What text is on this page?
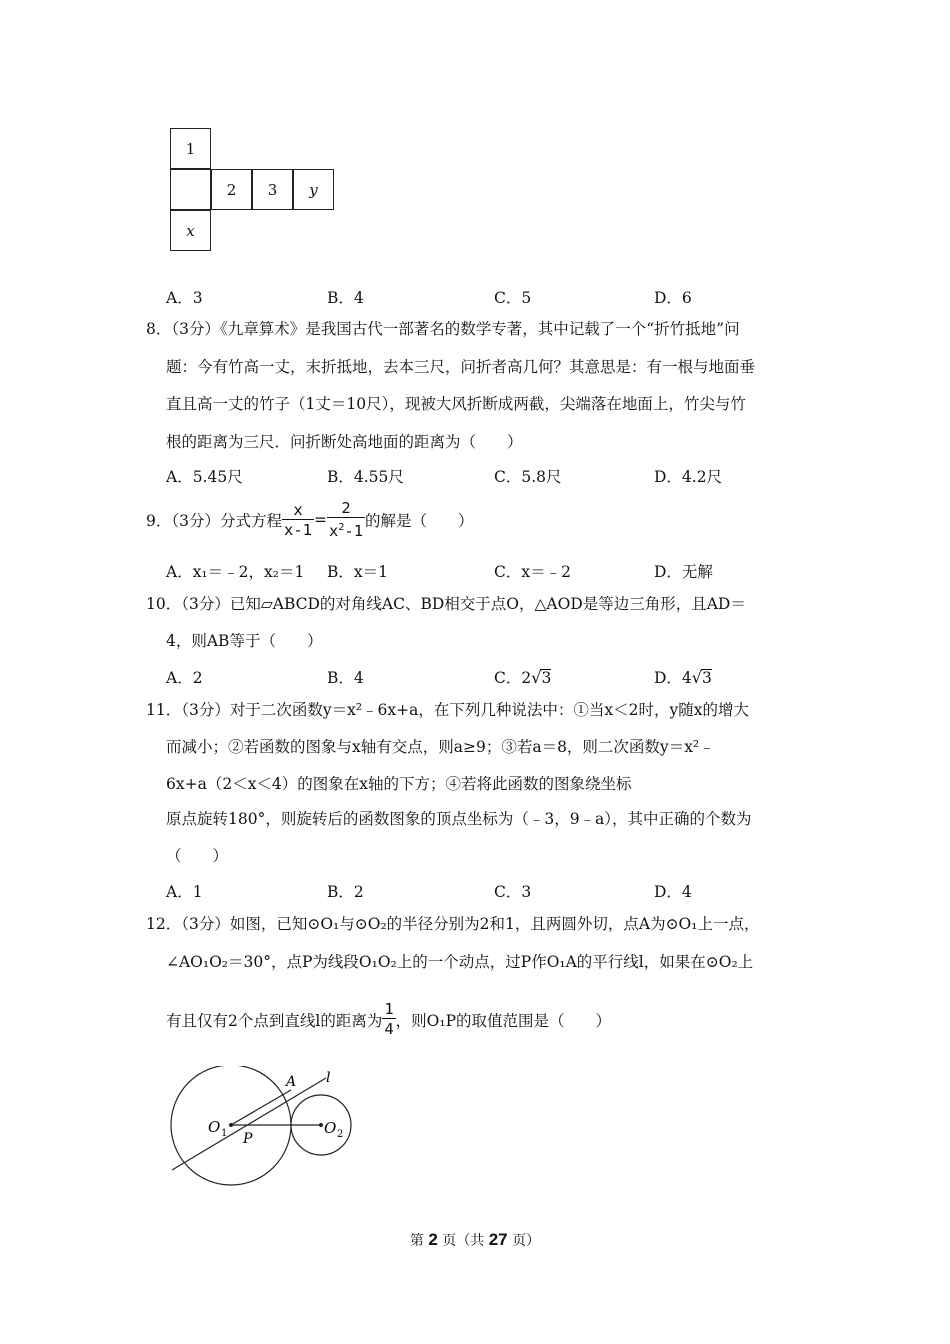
1
2	3	y
x
A．3	B．4	C．5	D．6
8．（3分）《九章算术》是我国古代一部著名的数学专著，其中记载了一个“折竹抵地”问
题：今有竹高一丈，末折抵地，去本三尺，问折者高几何？其意思是：有一根与地面垂
直且高一丈的竹子（1丈＝10尺），现被大风折断成两截，尖端落在地面上，竹尖与竹
根的距离为三尺．问折断处高地面的距离为（　　）
A．5.45尺	B．4.55尺	C．5.8尺	D．4.2尺
9．（3分）分式方程 $\frac{x}{x-1} = \frac{2}{x^2-1}$ 的解是（　　）
A．x₁＝﹣2，x₂＝1 B．x＝1	C．x＝﹣2	D．无解
10．（3分）已知▱ABCD的对角线AC、BD相交于点O，△AOD是等边三角形，且AD＝
4，则AB等于（　　）
A．2	B．4	C．2√3	D．4√3
11．（3分）对于二次函数y＝x²﹣6x+a，在下列几种说法中：①当x＜2时，y随x的增大
而减小；②若函数的图象与x轴有交点，则a≥9；③若a＝8，则二次函数y＝x²﹣
6x+a（2＜x＜4）的图象在x轴的下方；④若将此函数的图象绕坐标
原点旋转180°，则旋转后的函数图象的顶点坐标为（﹣3，9﹣a），其中正确的个数为
（　　）
A．1	B．2	C．3	D．4
12．（3分）如图，已知⊙O₁与⊙O₂的半径分别为2和1，且两圆外切，点A为⊙O₁上一点，
∠AO₁O₂＝30°，点P为线段O₁O₂上的一个动点，过P作O₁A的平行线l，如果在⊙O₂上
有且仅有2个点到直线l的距离为 $\frac{1}{4}$ ，则O₁P的取值范围是（　　）
A l
O 1 P
O 2
第 2 页（共 27 页）
